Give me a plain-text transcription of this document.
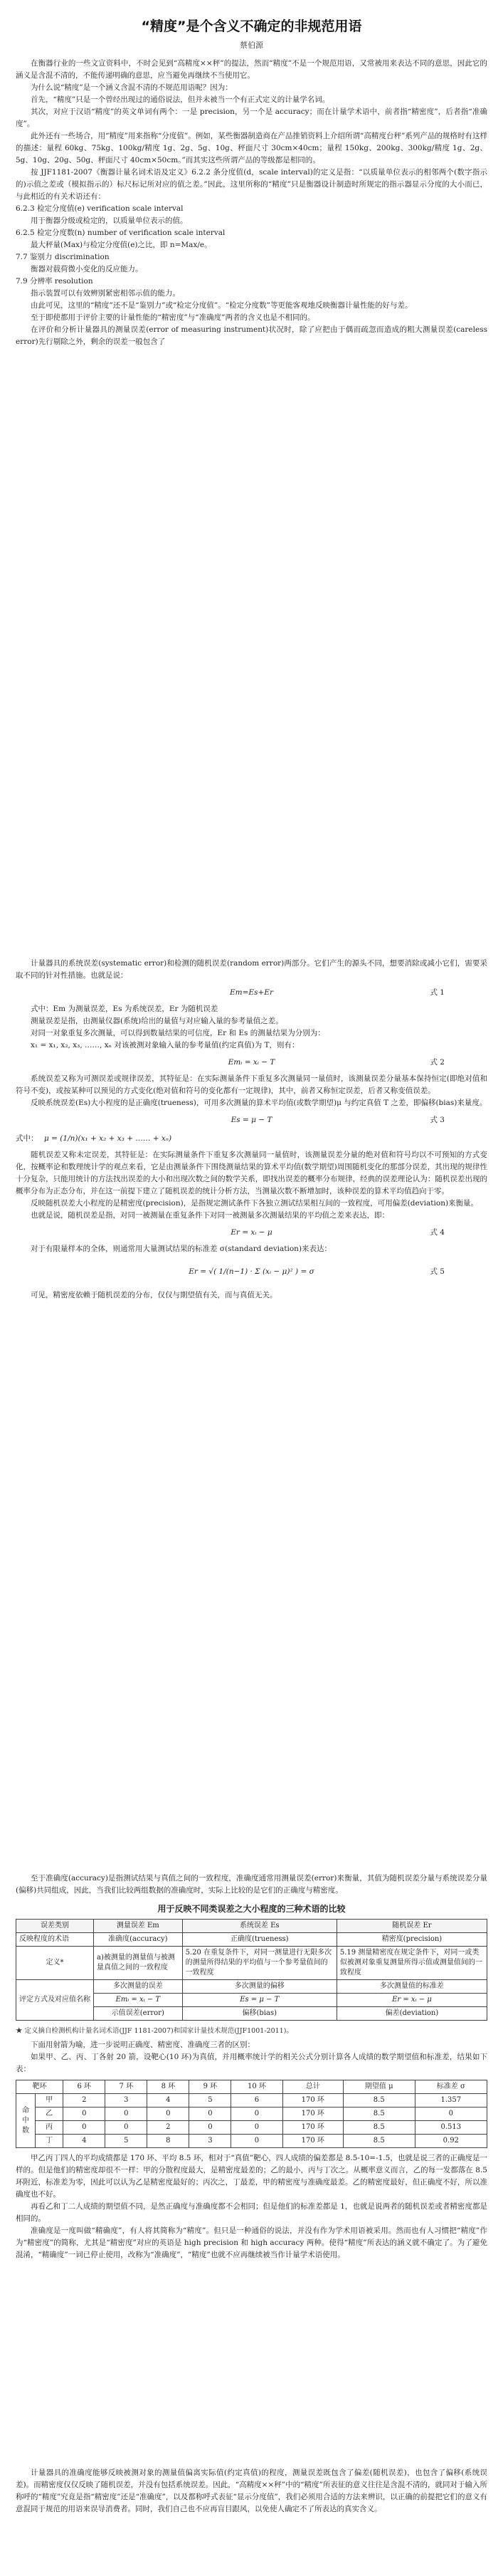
“精度”是个含义不确定的非规范用语
蔡伯源

在衡器行业的一些文宣资料中，不时会见到“高精度××秤”的提法，然而“精度”不是一个规范用语，又常被用来表达不同的意思，因此它的涵义是含混不清的，不能传递明确的意思，应当避免再继续不当使用它。

为什么说“精度”是一个涵义含混不清的不规范用语呢？因为：

首先，“精度”只是一个曾经出现过的通俗说法，但并未被当一个有正式定义的计量学名词。

其次，对应于汉语“精度”的英文单词有两个：一是 precision，另一个是 accuracy；而在计量学术语中，前者指“精密度”，后者指“准确度”。

此外还有一些场合，用“精度”用来指称“分度值”。例如，某些衡器制造商在产品推销资料上介绍所谓“高精度台秤”系列产品的规格时有这样的描述：量程 60kg、75kg、100kg/精度 1g、2g、5g、10g、秤面尺寸 30cm×40cm；量程 150kg、200kg、300kg/精度 1g、2g、5g、10g、20g、50g、秤面尺寸 40cm×50cm。”而其实这些所谓产品的等级都是相同的。

按 JJF1181-2007《衡器计量名词术语及定义》6.2.2 条分度值(d，scale interval)的定义是指：“以质量单位表示的相邻两个(数字指示的)示值之差或（模拟指示的）标尺标记所对应的值之差。”因此，这里所称的“精度”只是衡器设计制造时所规定的指示器显示分度的大小而已，与此相近的有关术语还有：

6.2.3 检定分度值(e) verification scale interval

用于衡器分级或检定的，以质量单位表示的值。

6.2.5 检定分度数(n) number of verification scale interval

最大秤量(Max)与检定分度值(e)之比，即 n=Max/e。

7.7 鉴别力 discrimination

衡器对载荷微小变化的反应能力。

7.9 分辨率 resolution

指示装置可以有效辨别紧密相邻示值的能力。

由此可见，这里的“精度”还不是“鉴别力”或“检定分度值”。“检定分度数”等更能客观地反映衡器计量性能的好与差。

至于即使都用于评价主要的计量性能的“精密度”与“准确度”两者的含义也是不相同的。

在评价和分析计量器具的测量误差(error of measuring instrument)状况时，除了应把由于偶而疏忽而造成的粗大测量误差(careless error)先行剔除之外，剩余的误差一般包含了

计量器具的系统误差(systematic error)和检测的随机误差(random error)两部分。它们产生的源头不同，想要消除或减小它们，需要采取不同的针对性措施。也就是说：

Em=Es+Er	式 1

式中：Em 为测量误差，Es 为系统误差，Er 为随机误差

测量误差是指，由测量仪器(系统)给出的量值与对应输入量的参考量值之差。

对同一对象重复多次测量，可以得到数量结果的可信度，Er 和 Es 的测量结果为分别为：

x₁ = x₁, x₂, x₃, ……, xₙ 对该被测对象输入量的参考量值(约定真值)为 T，则有：

Emᵢ = xᵢ − T	式 2

系统误差又称为可测误差或规律误差，其特征是：在实际测量条件下重复多次测量同一量值时，该测量误差分量基本保持恒定(即绝对值和符号不变)，或按某种可以预见的方式变化(绝对值和符号的变化都有一定规律)，其中，前者又称恒定误差，后者又称变值误差。

反映系统误差(Es)大小程度的是正确度(trueness)，可用多次测量的算术平均值(或数学期望)μ 与约定真值 T 之差，即偏移(bias)来量度。

Es = μ − T	式 3
式中： μ = (1/n)(x₁ + x₂ + x₃ + …… + xₙ)

随机误差又称未定误差，其特征是：在实际测量条件下重复多次测量同一量值时，该测量误差分量的绝对值和符号均以不可预知的方式变化，按概率论和数理统计学的观点来看，它是由测量条件下围绕测量结果的算术平均值(数学期望)周围随机变化的那部分误差，其出现的规律性十分复杂，只能用统计的方法找出误差的大小和出现次数之间的数学关系，即找出误差的概率分布规律，经典的误差理论认为：随机误差出现的概率分布为正态分布，并在这一前提下建立了随机误差的统计分析方法，当测量次数不断增加时，该种误差的算术平均值趋向于零。

反映随机误差大小程度的是精密度(precision)，是指规定测试条件下各独立测试结果相互间的一致程度，可用偏差(deviation)来衡量。

也就是说，随机误差是指，对同一被测量在重复条件下对同一被测量多次测量结果的平均值之差来表达，即：

Er = xᵢ − μ	式 4

对于有限量样本的全体，则通常用大量测试结果的标准差 σ(standard deviation)来表达：

Er = √( 1/(n−1) · Σ (xᵢ − μ)² ) = σ	式 5

可见，精密度依赖于随机误差的分布，仅仅与期望值有关，而与真值无关。

至于准确度(accuracy)是指测试结果与真值之间的一致程度，准确度通常用测量误差(error)来衡量，其值为随机误差分量与系统误差分量(偏移)共同组成，因此，当我们比较两组数据的准确度时，实际上比较的是它们的正确度与精密度。

用于反映不同类误差之大小程度的三种术语的比较
误差类别	测量误差 Em	系统误差 Es	随机误差 Er
反映程度的术语	准确度(accuracy)	正确度(trueness)	精密度(precision)
定义*	a)被测量的测量值与被测量真值之间的一致程度	5.20 在重复条件下，对同一测量进行无限多次的测量所得结果的平均值与一个参考量值间的一致程度	5.19 测量精密度在规定条件下，对同一或类似被测对象重复测量所得示值或测量值间的一致程度
评定方式及对应值名称	多次测量的误差	多次测量的偏移	多次测量值的标准差
	Emᵢ = xᵢ − T	Es = μ − T	Er = xᵢ − μ
	示值误差(error)	偏移(bias)	偏差(deviation)
★ 定义摘自检测机构计量名词术语(JJF 1181-2007)和国家计量技术规范(JJF1001-2011)。

下面用射箭为喻，进一步说明正确度、精密度、准确度三者的区别：

如果甲、乙、丙、丁各射 20 箭，设靶心(10 环)为真值，并用概率统计学的相关公式分别计算各人成绩的数学期望值和标准差，结果如下表：

靶环		6 环	7 环	8 环	9 环	10 环	总计	期望值 μ	标准差 σ
命中数	甲	2	3	4	5	6	170 环	8.5	1.357
	乙	0	0	0	0	0	170 环	8.5	0
	丙	0	0	2	0	0	170 环	8.5	0.513
	丁	4	5	8	3	0	170 环	8.5	0.92

甲乙丙丁四人的平均成绩都是 170 环、平均 8.5 环，相对于“真值”靶心，四人成绩的偏差都是 8.5-10=-1.5，也就是说三者的正确度是一样的。但是他们的精密度却很不一样：甲的分散程度最大，是精密度最差的；乙的最小，丙与丁次之。从概率意义而言，乙的每一发都落在 8.5 环附近，标准差为零，因此可以认为乙是精密度最好的；丙次之，丁最差，甲的精密度与准确度最差。乙的精密度最好，但正确度不好，所以准确度也不好。

再看乙和丁二人成绩的期望值不同，是然正确度与准确度都不会相同；但是他们的标准差都是 1，也就是说两者的随机误差或者精密度都是相同的。

准确度是一度叫做“精确度”，有人将其简称为“精度”。但只是一种通俗的说法，并没有作为学术用语被采用。然而也有人习惯把“精度”作为“精密度”的简称，尤其是“精密度”对应的英语是 high precision 和 high accuracy 两种。使得“精度”所表达的涵义就不确定了。为了避免混淆，“精确度”一词已停止使用，改称为“准确度”，“精度”也就不应再继续被当作计量学术语使用。

计量器具的准确度能够反映被测对象的测量值偏离实际值(约定真值)的程度，测量误差既包含了偏差(随机误差)，也包含了偏移(系统误差)。而精密度仅仅反映了随机误差，并没有包括系统误差。因此，“高精度××秤”中的“精度”所表征的意义往往是含混不清的，就同对于输入所称呼的“精度”究竟是指“精密度”还是“准确度”，以及都称呼式表征“显示分度值”，我们必须用合适的方法来辨识，以正确的前提把它们的意义有意混同于规范的用语来误导消费者。同时，我们自己也不应再盲目跟风，以免使人确定不了所表达的真实含义。
